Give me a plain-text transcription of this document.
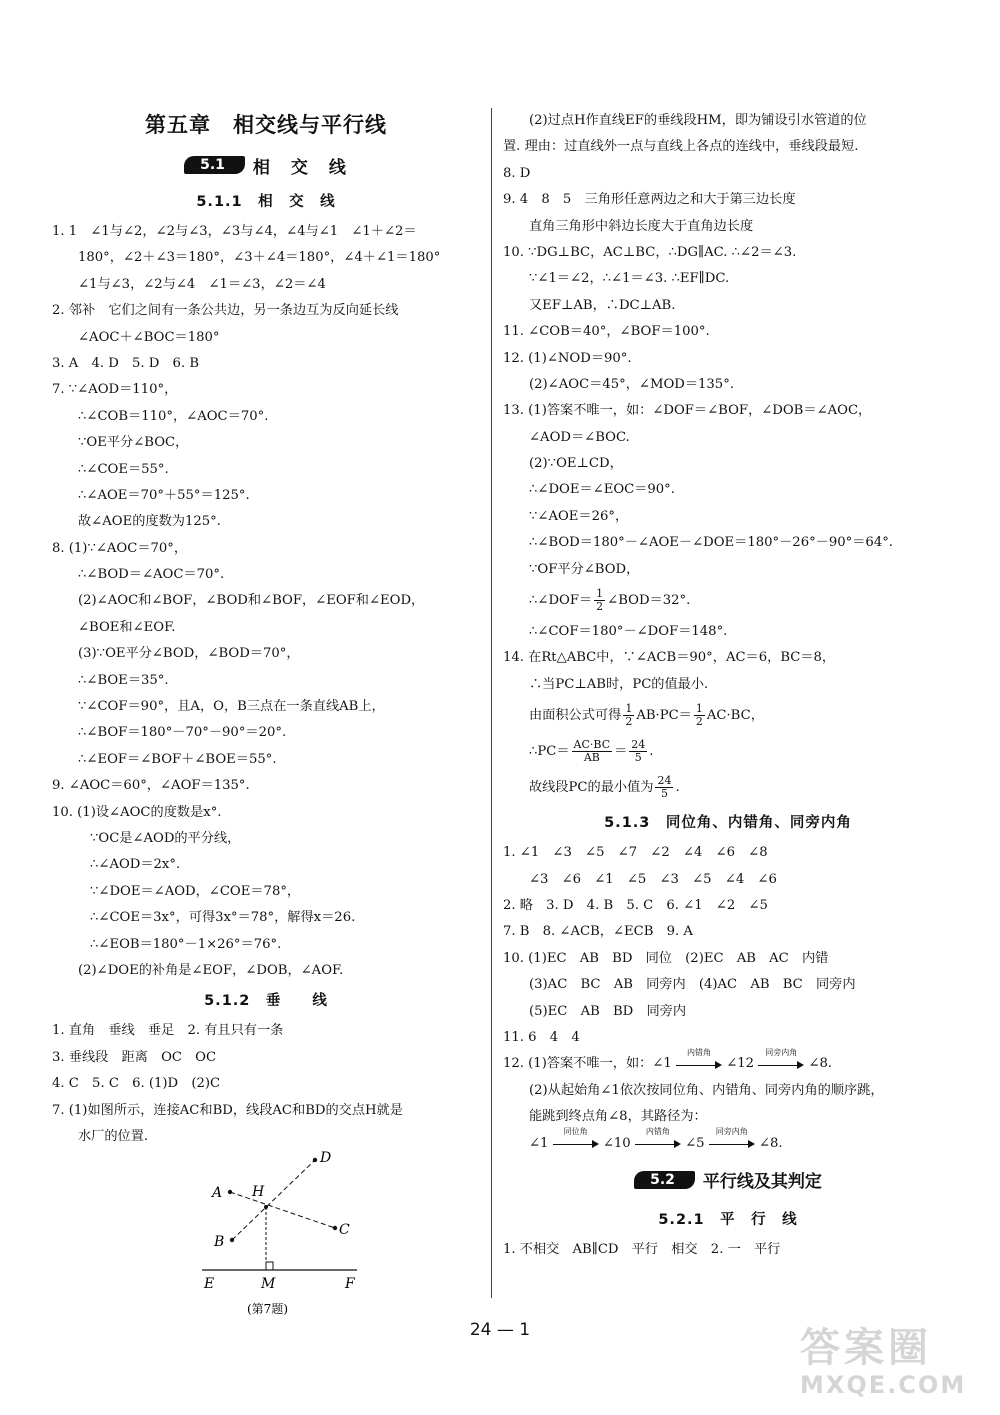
第五章　相交线与平行线
5.1	相　交　线
5.1.1　相　交　线
1. 1　∠1与∠2，∠2与∠3，∠3与∠4，∠4与∠1　∠1＋∠2＝
180°，∠2＋∠3＝180°，∠3＋∠4＝180°，∠4＋∠1＝180°
∠1与∠3，∠2与∠4　∠1＝∠3，∠2＝∠4
2. 邻补　它们之间有一条公共边，另一条边互为反向延长线
∠AOC＋∠BOC＝180°
3. A　4. D　5. D　6. B
7. ∵∠AOD＝110°，
∴∠COB＝110°，∠AOC＝70°.
∵OE平分∠BOC，
∴∠COE＝55°.
∴∠AOE＝70°＋55°＝125°.
故∠AOE的度数为125°.
8. (1)∵∠AOC＝70°，
∴∠BOD＝∠AOC＝70°.
(2)∠AOC和∠BOF，∠BOD和∠BOF，∠EOF和∠EOD，
∠BOE和∠EOF.
(3)∵OE平分∠BOD，∠BOD＝70°，
∴∠BOE＝35°.
∵∠COF＝90°，且A，O，B三点在一条直线AB上，
∴∠BOF＝180°－70°－90°＝20°.
∴∠EOF＝∠BOF＋∠BOE＝55°.
9. ∠AOC＝60°，∠AOF＝135°.
10. (1)设∠AOC的度数是x°.
∵OC是∠AOD的平分线，
∴∠AOD＝2x°.
∵∠DOE＝∠AOD，∠COE＝78°，
∴∠COE＝3x°，可得3x°＝78°，解得x＝26.
∴∠EOB＝180°－1×26°＝76°.
(2)∠DOE的补角是∠EOF，∠DOB，∠AOF.
5.1.2　垂　　线
1. 直角　垂线　垂足　2. 有且只有一条
3. 垂线段　距离　OC　OC
4. C　5. C　6. (1)D　(2)C
7. (1)如图所示，连接AC和BD，线段AC和BD的交点H就是
水厂的位置.
A
B
C
D
H
E	M	F
(第7题)
(2)过点H作直线EF的垂线段HM，即为铺设引水管道的位
置. 理由：过直线外一点与直线上各点的连线中，垂线段最短.
8. D
9. 4　8　5　三角形任意两边之和大于第三边长度
直角三角形中斜边长度大于直角边长度
10. ∵DG⊥BC，AC⊥BC，∴DG∥AC. ∴∠2＝∠3.
∵∠1＝∠2，∴∠1＝∠3. ∴EF∥DC.
又EF⊥AB，∴DC⊥AB.
11. ∠COB＝40°，∠BOF＝100°.
12. (1)∠NOD＝90°.
(2)∠AOC＝45°，∠MOD＝135°.
13. (1)答案不唯一，如：∠DOF＝∠BOF，∠DOB＝∠AOC，
∠AOD＝∠BOC.
(2)∵OE⊥CD，
∴∠DOE＝∠EOC＝90°.
∵∠AOE＝26°，
∴∠BOD＝180°－∠AOE－∠DOE＝180°－26°－90°＝64°.
∵OF平分∠BOD，
∴∠DOF＝ $\frac{1}{2}$ ∠BOD＝32°.
∴∠COF＝180°－∠DOF＝148°.
14. 在Rt△ABC中，∵∠ACB＝90°，AC＝6，BC＝8，
∴当PC⊥AB时，PC的值最小.
由面积公式可得 $\frac{1}{2} AB\cdot PC= \frac{1}{2} AC\cdot BC$，
∴PC＝ $\frac{AC\cdot BC}{AB} = \frac{24}{5}$ .
故线段PC的最小值为 $\frac{24}{5}$ .
5.1.3　同位角、内错角、同旁内角
1. ∠1　∠3　∠5　∠7　∠2　∠4　∠6　∠8
∠3　∠6　∠1　∠5　∠3　∠5　∠4　∠6
2. 略　3. D　4. B　5. C　6. ∠1　∠2　∠5
7. B　8. ∠ACB，∠ECB　9. A
10. (1)EC　AB　BD　同位　(2)EC　AB　AC　内错
(3)AC　BC　AB　同旁内　(4)AC　AB　BC　同旁内
(5)EC　AB　BD　同旁内
11. 6　4　4
12. (1)答案不唯一，如：∠1
内错角
∠12
同旁内角
∠8.
(2)从起始角∠1依次按同位角、内错角、同旁内角的顺序跳，
能跳到终点角∠8，其路径为：
∠1
同位角
∠10
内错角
∠5
同旁内角
∠8.
5.2	平行线及其判定
5.2.1　平　行　线
1. 不相交　AB∥CD　平行　相交　2. 一　平行
24 — 1	答案圈
MXQE.COM
